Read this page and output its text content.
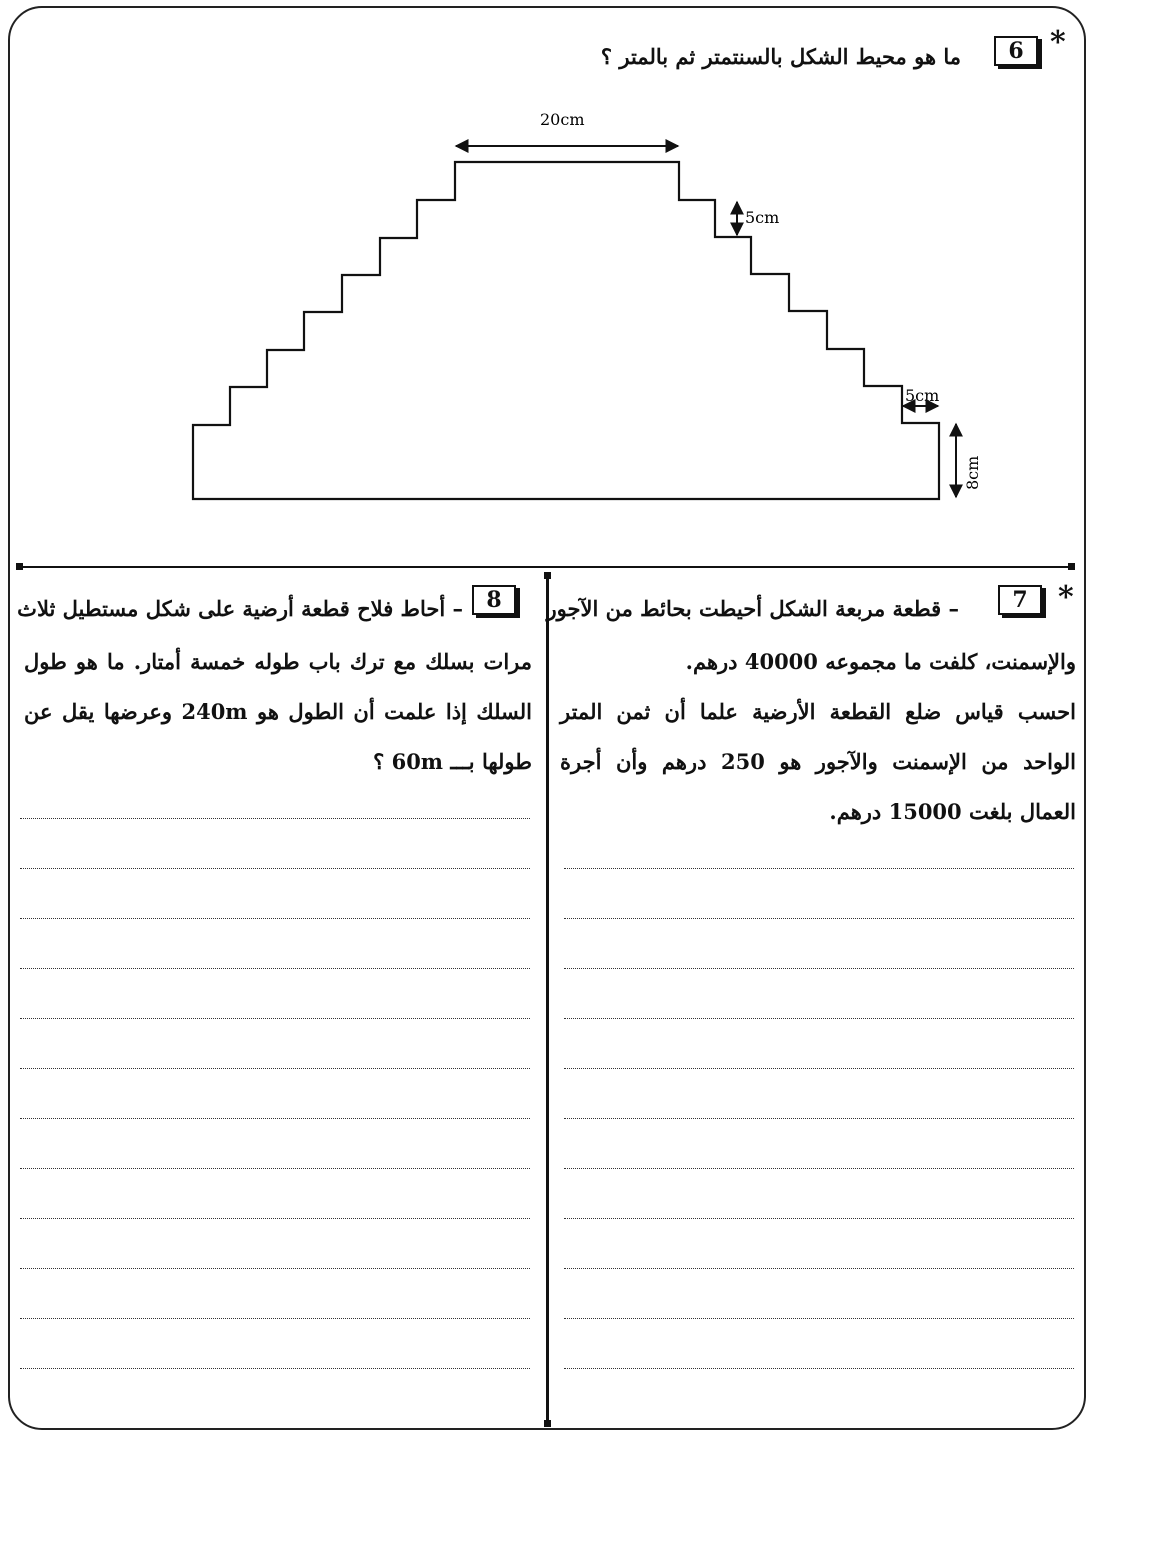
*
6
ما هو محيط الشكل بالسنتمتر ثم بالمتر ؟
20cm
5cm
5cm
8cm
*
7
– قطعة مربعة الشكل أحيطت بحائط من الآجور

والإسمنت، كلفت ما مجموعه 40000 درهم.

احسب قياس ضلع القطعة الأرضية علما أن ثمن المتر الواحد من الإسمنت والآجور هو 250 درهم وأن أجرة العمال بلغت 15000 درهم.

8
– أحاط فلاح قطعة أرضية على شكل مستطيل ثلاث
مرات بسلك مع ترك باب طوله خمسة أمتار. ما هو طول السلك إذا علمت أن الطول هو 240m وعرضها يقل عن طولها بـــ 60m ؟
